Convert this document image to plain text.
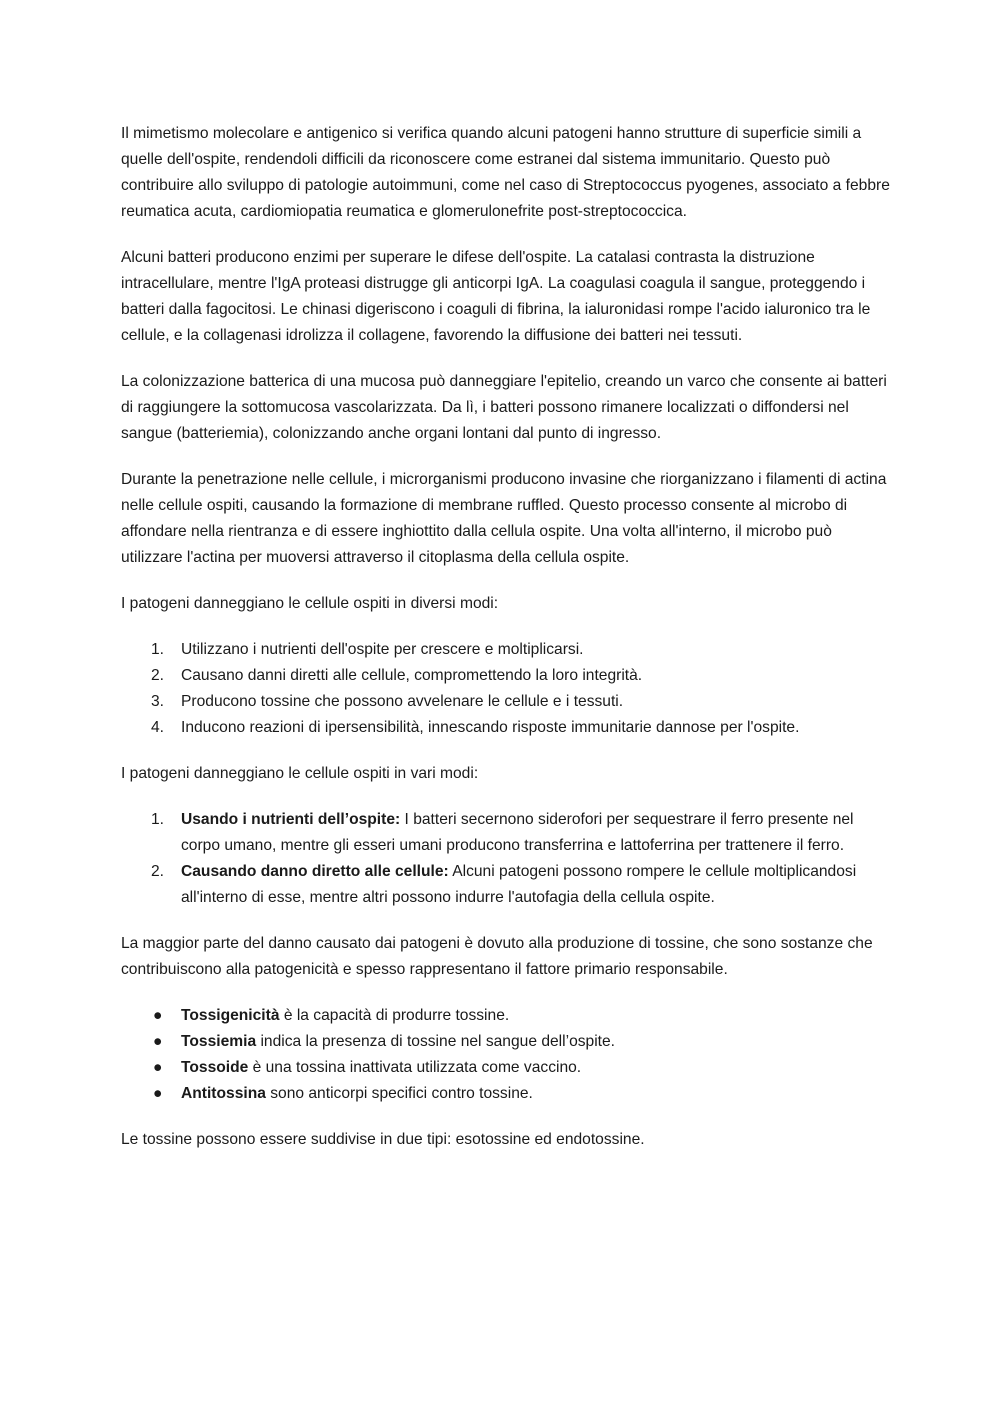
Il mimetismo molecolare e antigenico si verifica quando alcuni patogeni hanno strutture di superficie simili a quelle dell'ospite, rendendoli difficili da riconoscere come estranei dal sistema immunitario. Questo può contribuire allo sviluppo di patologie autoimmuni, come nel caso di Streptococcus pyogenes, associato a febbre reumatica acuta, cardiomiopatia reumatica e glomerulonefrite post-streptococcica.

Alcuni batteri producono enzimi per superare le difese dell'ospite. La catalasi contrasta la distruzione intracellulare, mentre l'IgA proteasi distrugge gli anticorpi IgA. La coagulasi coagula il sangue, proteggendo i batteri dalla fagocitosi. Le chinasi digeriscono i coaguli di fibrina, la ialuronidasi rompe l'acido ialuronico tra le cellule, e la collagenasi idrolizza il collagene, favorendo la diffusione dei batteri nei tessuti.

La colonizzazione batterica di una mucosa può danneggiare l'epitelio, creando un varco che consente ai batteri di raggiungere la sottomucosa vascolarizzata. Da lì, i batteri possono rimanere localizzati o diffondersi nel sangue (batteriemia), colonizzando anche organi lontani dal punto di ingresso.

Durante la penetrazione nelle cellule, i microrganismi producono invasine che riorganizzano i filamenti di actina nelle cellule ospiti, causando la formazione di membrane ruffled. Questo processo consente al microbo di affondare nella rientranza e di essere inghiottito dalla cellula ospite. Una volta all'interno, il microbo può utilizzare l'actina per muoversi attraverso il citoplasma della cellula ospite.

I patogeni danneggiano le cellule ospiti in diversi modi:

1. Utilizzano i nutrienti dell'ospite per crescere e moltiplicarsi.
2. Causano danni diretti alle cellule, compromettendo la loro integrità.
3. Producono tossine che possono avvelenare le cellule e i tessuti.
4. Inducono reazioni di ipersensibilità, innescando risposte immunitarie dannose per l'ospite.

I patogeni danneggiano le cellule ospiti in vari modi:

1. Usando i nutrienti dell’ospite: I batteri secernono siderofori per sequestrare il ferro presente nel corpo umano, mentre gli esseri umani producono transferrina e lattoferrina per trattenere il ferro.
2. Causando danno diretto alle cellule: Alcuni patogeni possono rompere le cellule moltiplicandosi all'interno di esse, mentre altri possono indurre l'autofagia della cellula ospite.

La maggior parte del danno causato dai patogeni è dovuto alla produzione di tossine, che sono sostanze che contribuiscono alla patogenicità e spesso rappresentano il fattore primario responsabile.

● Tossigenicità è la capacità di produrre tossine.
● Tossiemia indica la presenza di tossine nel sangue dell’ospite.
● Tossoide è una tossina inattivata utilizzata come vaccino.
● Antitossina sono anticorpi specifici contro tossine.

Le tossine possono essere suddivise in due tipi: esotossine ed endotossine.
